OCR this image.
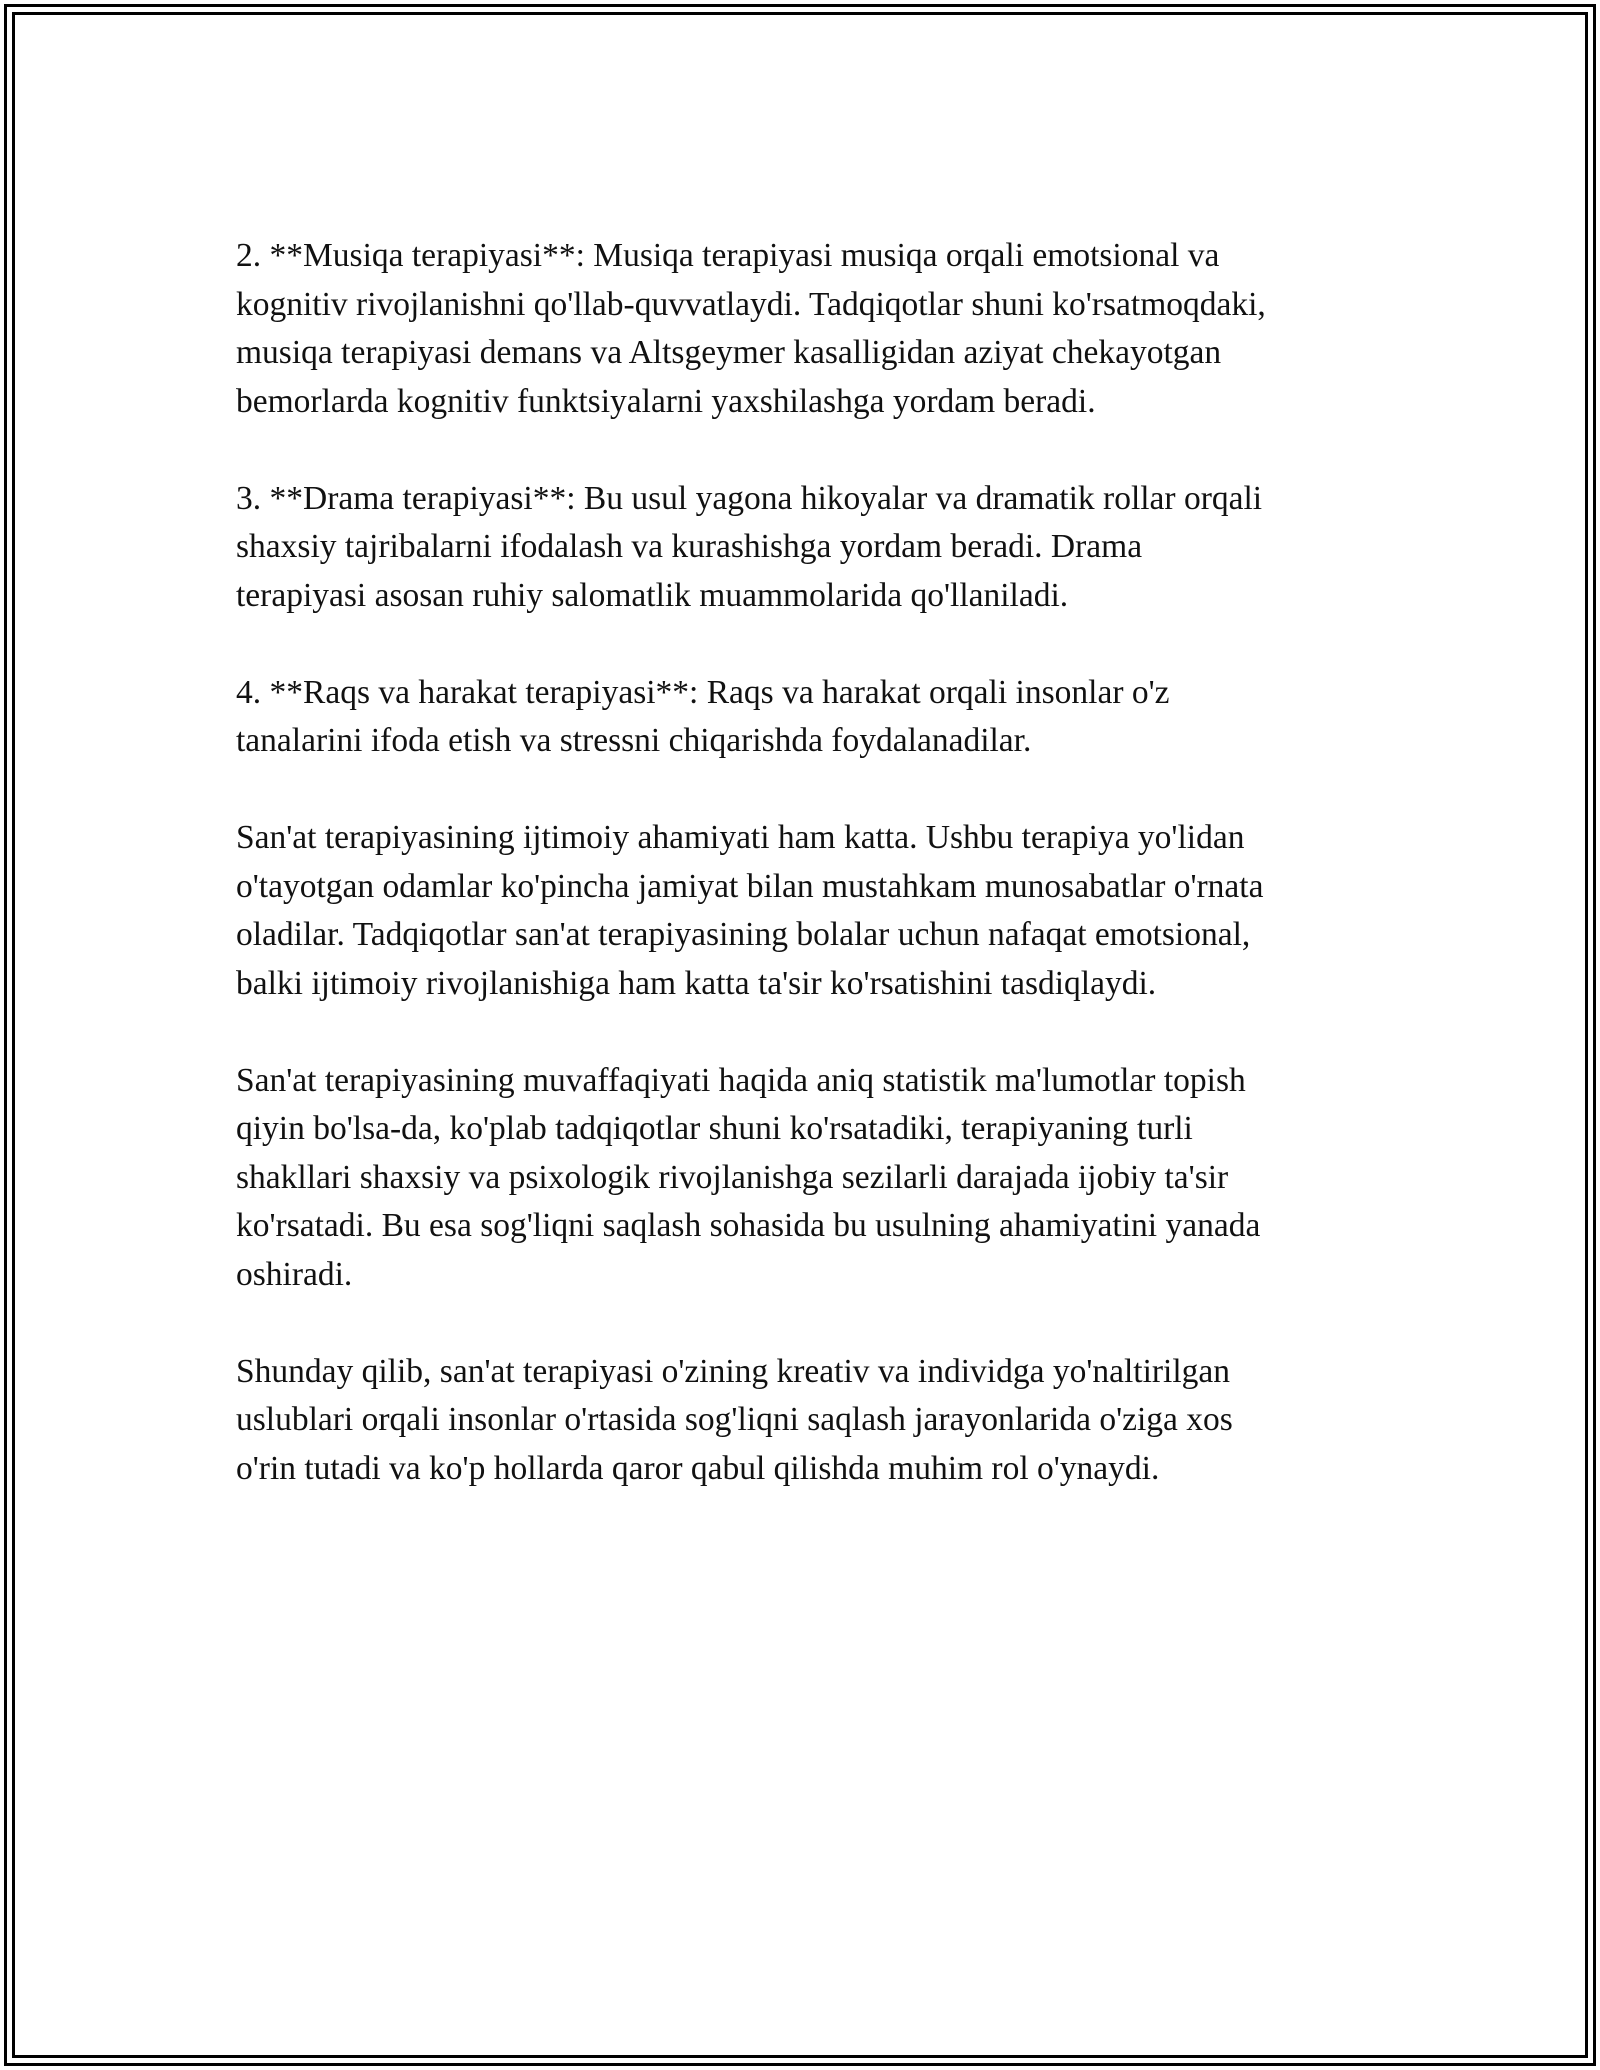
2. **Musiqa terapiyasi**: Musiqa terapiyasi musiqa orqali emotsional va
kognitiv rivojlanishni qo'llab-quvvatlaydi. Tadqiqotlar shuni ko'rsatmoqdaki,
musiqa terapiyasi demans va Altsgeymer kasalligidan aziyat chekayotgan
bemorlarda kognitiv funktsiyalarni yaxshilashga yordam beradi.

3. **Drama terapiyasi**: Bu usul yagona hikoyalar va dramatik rollar orqali
shaxsiy tajribalarni ifodalash va kurashishga yordam beradi. Drama
terapiyasi asosan ruhiy salomatlik muammolarida qo'llaniladi.

4. **Raqs va harakat terapiyasi**: Raqs va harakat orqali insonlar o'z
tanalarini ifoda etish va stressni chiqarishda foydalanadilar.

San'at terapiyasining ijtimoiy ahamiyati ham katta. Ushbu terapiya yo'lidan
o'tayotgan odamlar ko'pincha jamiyat bilan mustahkam munosabatlar o'rnata
oladilar. Tadqiqotlar san'at terapiyasining bolalar uchun nafaqat emotsional,
balki ijtimoiy rivojlanishiga ham katta ta'sir ko'rsatishini tasdiqlaydi.

San'at terapiyasining muvaffaqiyati haqida aniq statistik ma'lumotlar topish
qiyin bo'lsa-da, ko'plab tadqiqotlar shuni ko'rsatadiki, terapiyaning turli
shakllari shaxsiy va psixologik rivojlanishga sezilarli darajada ijobiy ta'sir
ko'rsatadi. Bu esa sog'liqni saqlash sohasida bu usulning ahamiyatini yanada
oshiradi.

Shunday qilib, san'at terapiyasi o'zining kreativ va individga yo'naltirilgan
uslublari orqali insonlar o'rtasida sog'liqni saqlash jarayonlarida o'ziga xos
o'rin tutadi va ko'p hollarda qaror qabul qilishda muhim rol o'ynaydi.
